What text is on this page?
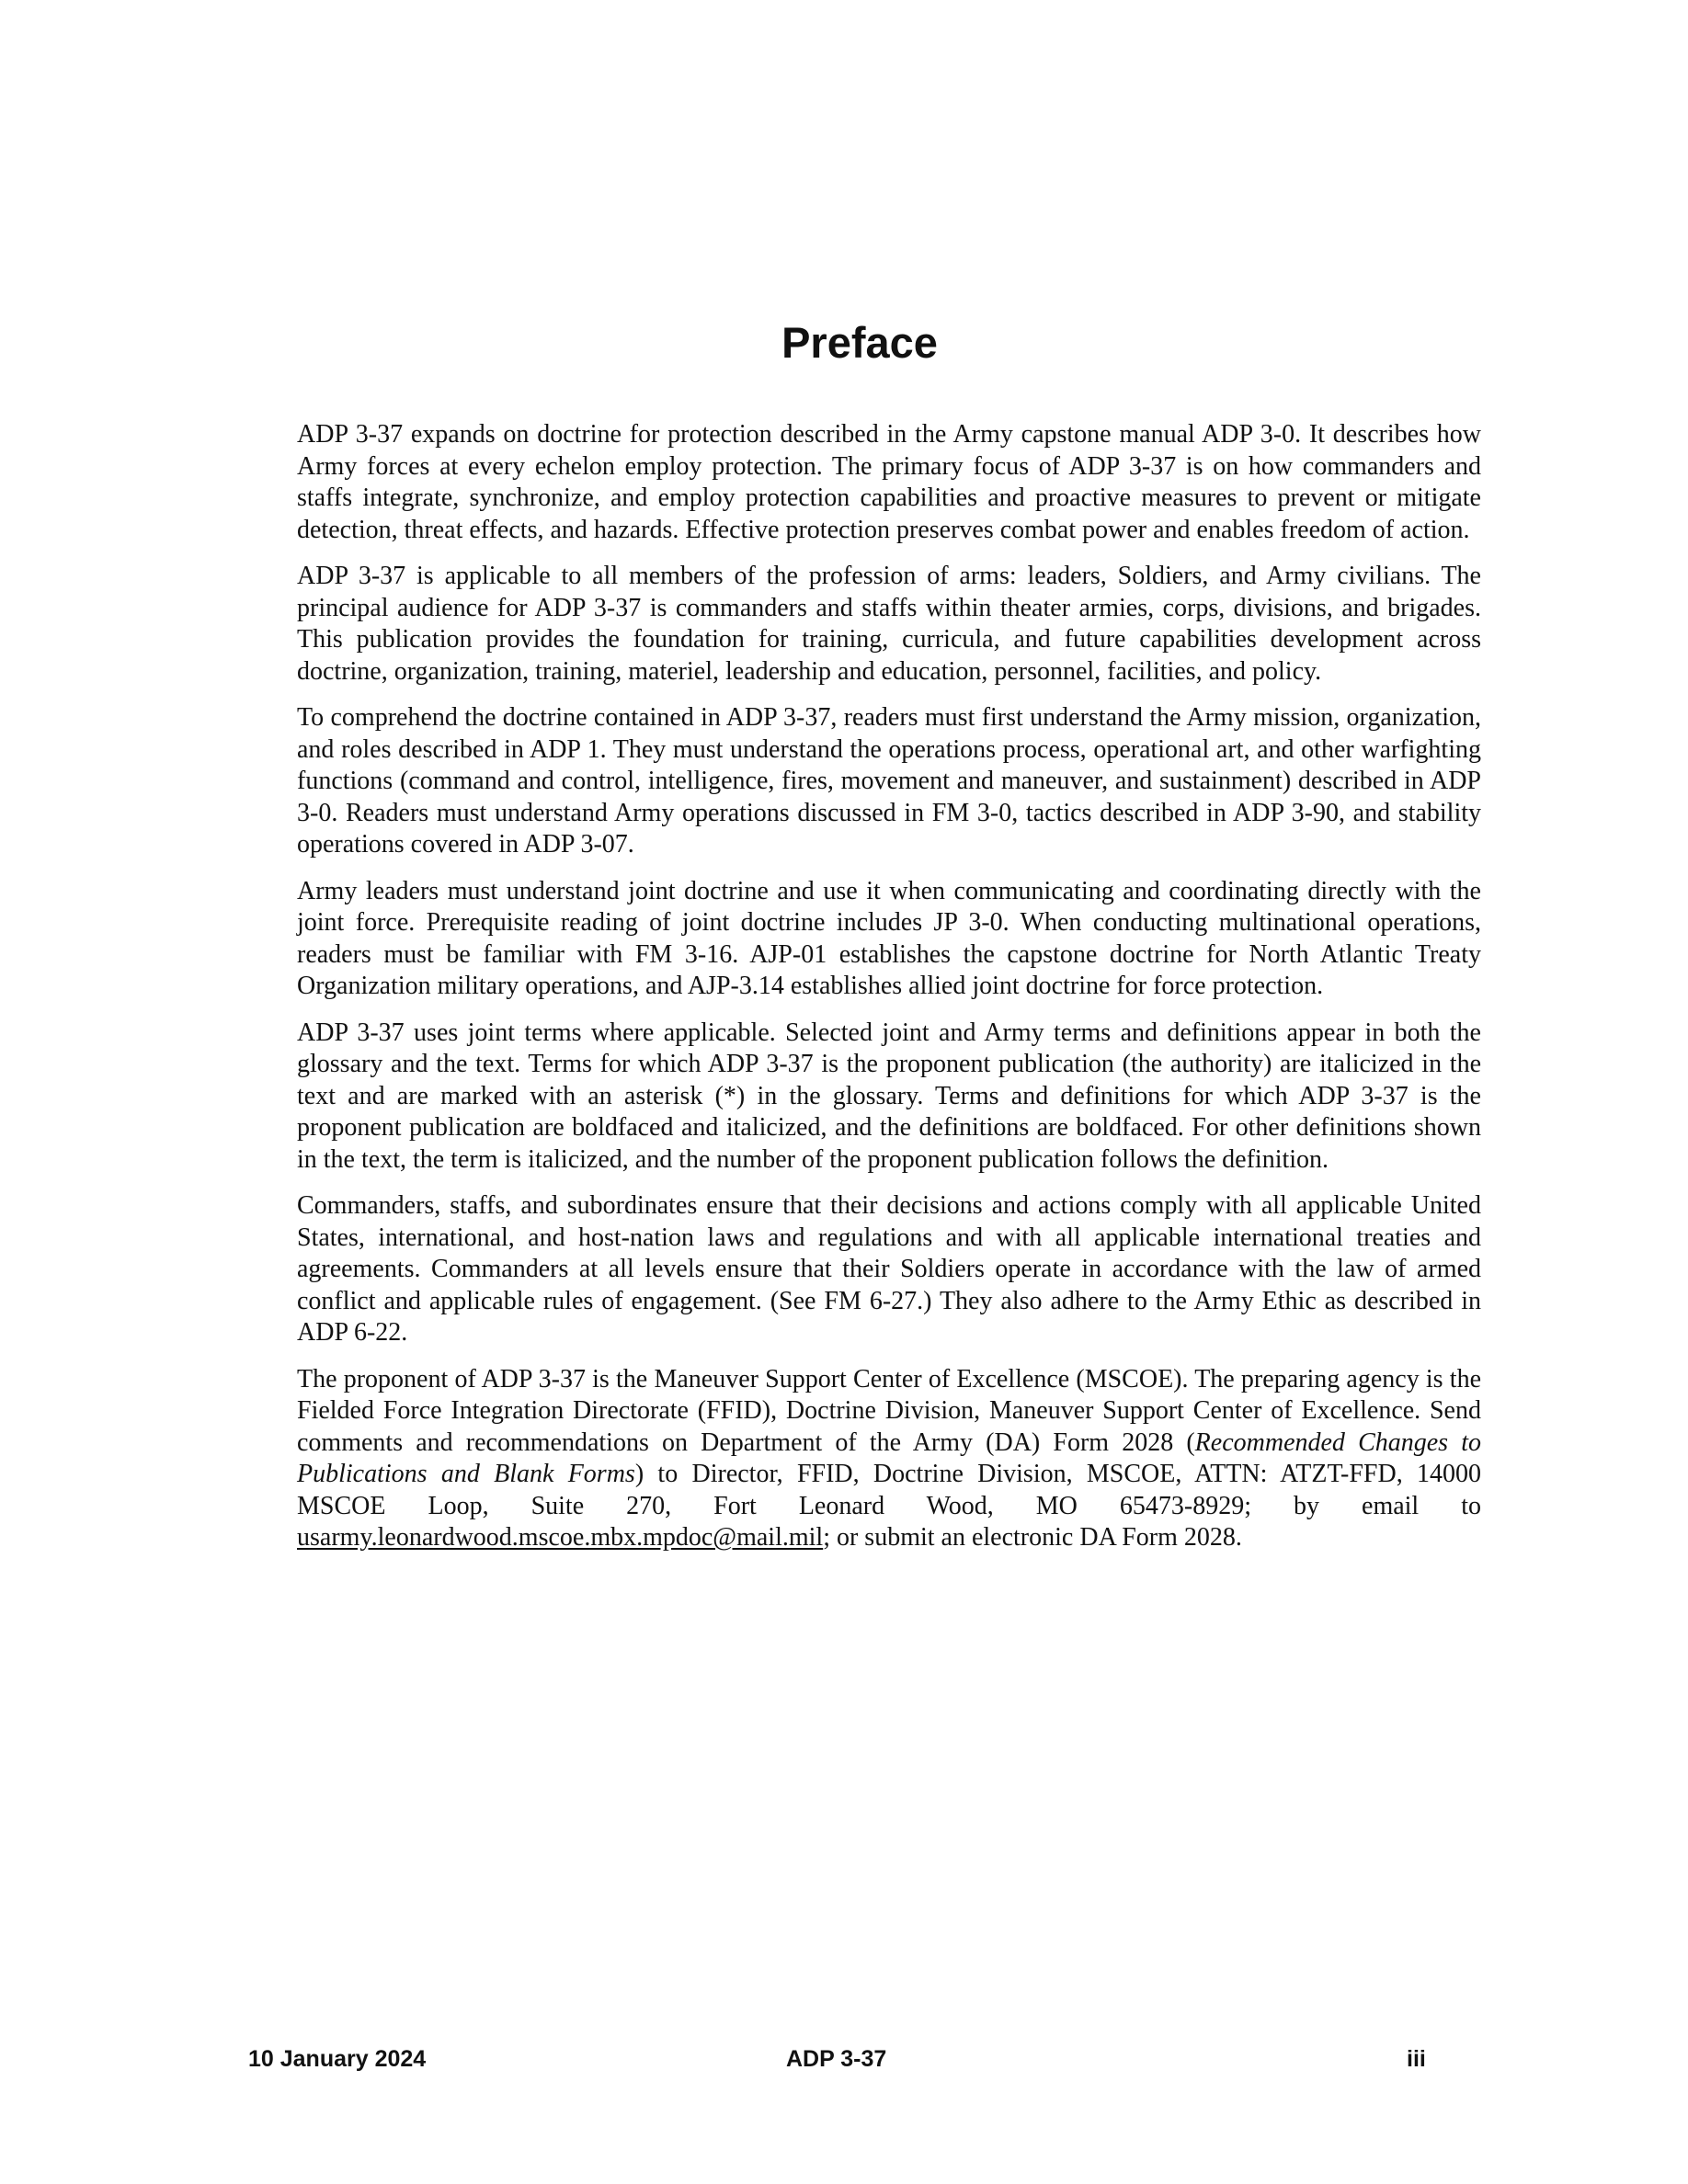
Preface

ADP 3-37 expands on doctrine for protection described in the Army capstone manual ADP 3-0. It describes how Army forces at every echelon employ protection. The primary focus of ADP 3-37 is on how commanders and staffs integrate, synchronize, and employ protection capabilities and proactive measures to prevent or mitigate detection, threat effects, and hazards. Effective protection preserves combat power and enables freedom of action.

ADP 3-37 is applicable to all members of the profession of arms: leaders, Soldiers, and Army civilians. The principal audience for ADP 3-37 is commanders and staffs within theater armies, corps, divisions, and brigades. This publication provides the foundation for training, curricula, and future capabilities development across doctrine, organization, training, materiel, leadership and education, personnel, facilities, and policy.

To comprehend the doctrine contained in ADP 3-37, readers must first understand the Army mission, organization, and roles described in ADP 1. They must understand the operations process, operational art, and other warfighting functions (command and control, intelligence, fires, movement and maneuver, and sustainment) described in ADP 3-0. Readers must understand Army operations discussed in FM 3-0, tactics described in ADP 3-90, and stability operations covered in ADP 3-07.

Army leaders must understand joint doctrine and use it when communicating and coordinating directly with the joint force. Prerequisite reading of joint doctrine includes JP 3-0. When conducting multinational operations, readers must be familiar with FM 3-16. AJP-01 establishes the capstone doctrine for North Atlantic Treaty Organization military operations, and AJP-3.14 establishes allied joint doctrine for force protection.

ADP 3-37 uses joint terms where applicable. Selected joint and Army terms and definitions appear in both the glossary and the text. Terms for which ADP 3-37 is the proponent publication (the authority) are italicized in the text and are marked with an asterisk (*) in the glossary. Terms and definitions for which ADP 3-37 is the proponent publication are boldfaced and italicized, and the definitions are boldfaced. For other definitions shown in the text, the term is italicized, and the number of the proponent publication follows the definition.

Commanders, staffs, and subordinates ensure that their decisions and actions comply with all applicable United States, international, and host-nation laws and regulations and with all applicable international treaties and agreements. Commanders at all levels ensure that their Soldiers operate in accordance with the law of armed conflict and applicable rules of engagement. (See FM 6-27.) They also adhere to the Army Ethic as described in ADP 6-22.

The proponent of ADP 3-37 is the Maneuver Support Center of Excellence (MSCOE). The preparing agency is the Fielded Force Integration Directorate (FFID), Doctrine Division, Maneuver Support Center of Excellence. Send comments and recommendations on Department of the Army (DA) Form 2028 (Recommended Changes to Publications and Blank Forms) to Director, FFID, Doctrine Division, MSCOE, ATTN: ATZT-FFD, 14000 MSCOE Loop, Suite 270, Fort Leonard Wood, MO 65473-8929; by email to usarmy.leonardwood.mscoe.mbx.mpdoc@mail.mil; or submit an electronic DA Form 2028.

10 January 2024	ADP 3-37	iii
